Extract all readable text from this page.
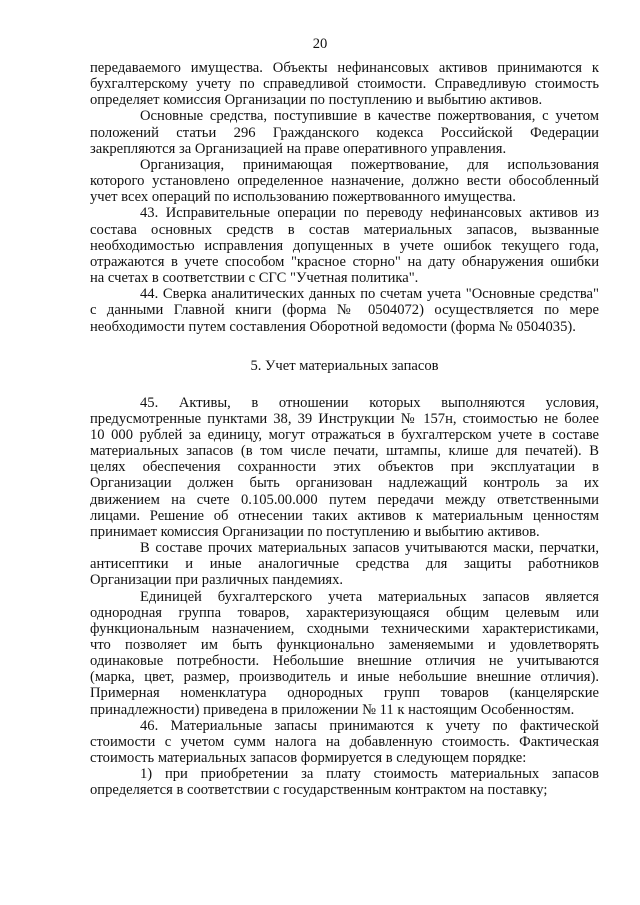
20
передаваемого имущества. Объекты нефинансовых активов принимаются к
бухгалтерскому учету по справедливой стоимости. Справедливую стоимость
определяет комиссия Организации по поступлению и выбытию активов.
Основные средства, поступившие в качестве пожертвования, с учетом
положений статьи 296 Гражданского кодекса Российской Федерации
закрепляются за Организацией на праве оперативного управления.
Организация, принимающая пожертвование, для использования
которого установлено определенное назначение, должно вести обособленный
учет всех операций по использованию пожертвованного имущества.
43. Исправительные операции по переводу нефинансовых активов из
состава основных средств в состав материальных запасов, вызванные
необходимостью исправления допущенных в учете ошибок текущего года,
отражаются в учете способом "красное сторно" на дату обнаружения ошибки
на счетах в соответствии с СГС "Учетная политика".
44. Сверка аналитических данных по счетам учета "Основные средства"
с данными Главной книги (форма № 0504072) осуществляется по мере
необходимости путем составления Оборотной ведомости (форма № 0504035).
5. Учет материальных запасов
45. Активы, в отношении которых выполняются условия,
предусмотренные пунктами 38, 39 Инструкции № 157н, стоимостью не более
10 000 рублей за единицу, могут отражаться в бухгалтерском учете в составе
материальных запасов (в том числе печати, штампы, клише для печатей). В
целях обеспечения сохранности этих объектов при эксплуатации в
Организации должен быть организован надлежащий контроль за их
движением на счете 0.105.00.000 путем передачи между ответственными
лицами. Решение об отнесении таких активов к материальным ценностям
принимает комиссия Организации по поступлению и выбытию активов.
В составе прочих материальных запасов учитываются маски, перчатки,
антисептики и иные аналогичные средства для защиты работников
Организации при различных пандемиях.
Единицей бухгалтерского учета материальных запасов является
однородная группа товаров, характеризующаяся общим целевым или
функциональным назначением, сходными техническими характеристиками,
что позволяет им быть функционально заменяемыми и удовлетворять
одинаковые потребности. Небольшие внешние отличия не учитываются
(марка, цвет, размер, производитель и иные небольшие внешние отличия).
Примерная номенклатура однородных групп товаров (канцелярские
принадлежности) приведена в приложении № 11 к настоящим Особенностям.
46. Материальные запасы принимаются к учету по фактической
стоимости с учетом сумм налога на добавленную стоимость. Фактическая
стоимость материальных запасов формируется в следующем порядке:
1) при приобретении за плату стоимость материальных запасов
определяется в соответствии с государственным контрактом на поставку;
